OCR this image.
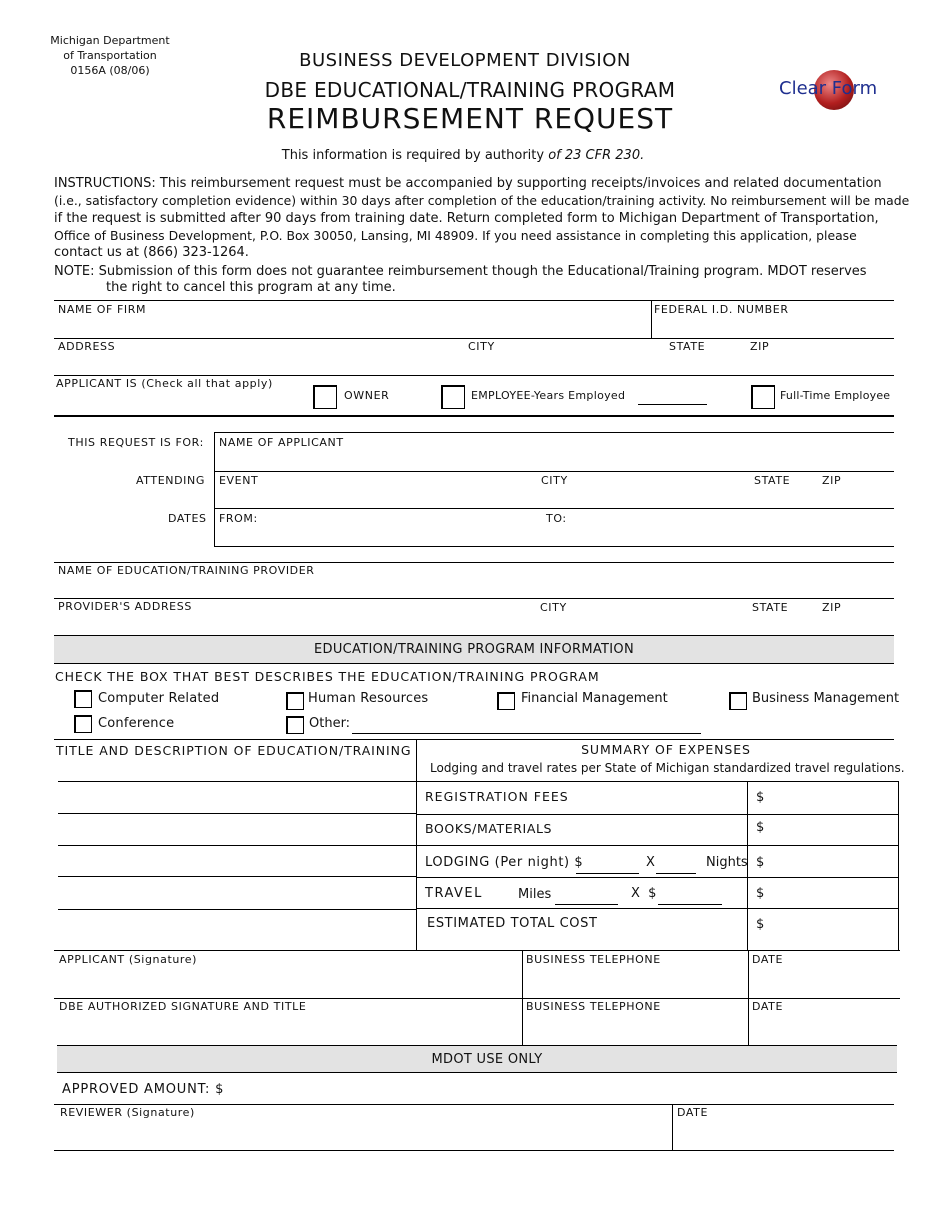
Michigan Department
of Transportation
0156A (08/06)	BUSINESS DEVELOPMENT DIVISION
DBE EDUCATIONAL/TRAINING PROGRAM
REIMBURSEMENT REQUEST
Clear Form
This information is required by authority of 23 CFR 230.
INSTRUCTIONS: This reimbursement request must be accompanied by supporting receipts/invoices and related documentation
(i.e., satisfactory completion evidence) within 30 days after completion of the education/training activity. No reimbursement will be made
if the request is submitted after 90 days from training date. Return completed form to Michigan Department of Transportation,
Office of Business Development, P.O. Box 30050, Lansing, MI 48909. If you need assistance in completing this application, please
contact us at (866) 323-1264.
NOTE: Submission of this form does not guarantee reimbursement though the Educational/Training program. MDOT reserves
the right to cancel this program at any time.
NAME OF FIRM	FEDERAL I.D. NUMBER
ADDRESS	CITY	STATE	ZIP
APPLICANT IS (Check all that apply)
OWNER	EMPLOYEE-Years Employed	Full-Time Employee
THIS REQUEST IS FOR:
ATTENDING
DATES
NAME OF APPLICANT
EVENT	CITY	STATE	ZIP
FROM:	TO:
NAME OF EDUCATION/TRAINING PROVIDER
PROVIDER'S ADDRESS	CITY	STATE	ZIP
EDUCATION/TRAINING PROGRAM INFORMATION
CHECK THE BOX THAT BEST DESCRIBES THE EDUCATION/TRAINING PROGRAM
Computer Related	Human Resources	Financial Management	Business Management
Conference	Other:
TITLE AND DESCRIPTION OF EDUCATION/TRAINING	SUMMARY OF EXPENSES
Lodging and travel rates per State of Michigan standardized travel regulations.
REGISTRATION FEES	$
BOOKS/MATERIALS	$
LODGING (Per night) $	X	Nights $
TRAVEL	Miles	X  $	$
ESTIMATED TOTAL COST	$
APPLICANT (Signature)	BUSINESS TELEPHONE	DATE
DBE AUTHORIZED SIGNATURE AND TITLE	BUSINESS TELEPHONE	DATE
MDOT USE ONLY
APPROVED AMOUNT: $
REVIEWER (Signature)	DATE
